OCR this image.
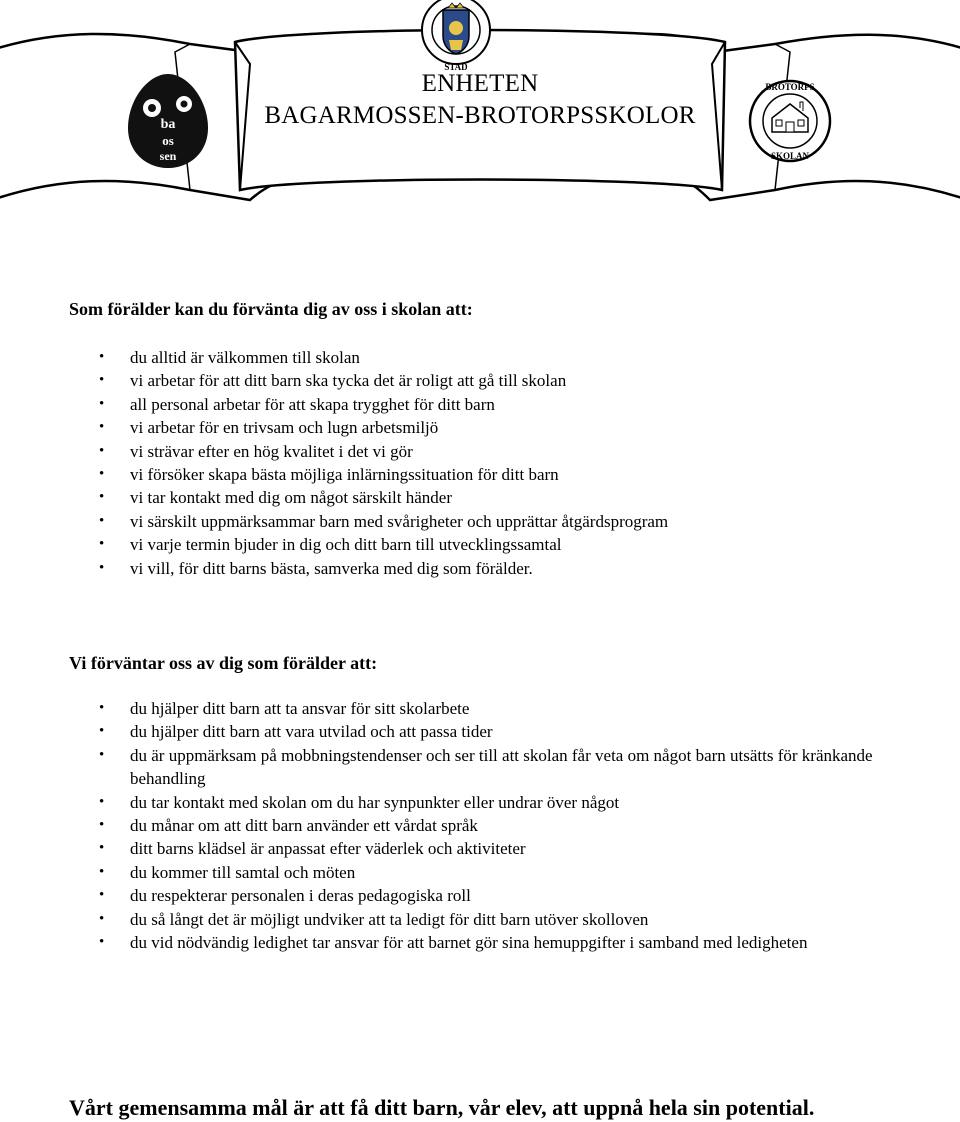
STAD
ba
os
sen
BROTORPS
SKOLAN
ENHETEN
BAGARMOSSEN-BROTORPSSKOLOR
Som förälder kan du förvänta dig av oss i skolan att:
• du alltid är välkommen till skolan
• vi arbetar för att ditt barn ska tycka det är roligt att gå till skolan
• all personal arbetar för att skapa trygghet för ditt barn
• vi arbetar för en trivsam och lugn arbetsmiljö
• vi strävar efter en hög kvalitet i det vi gör
• vi försöker skapa bästa möjliga inlärningssituation för ditt barn
• vi tar kontakt med dig om något särskilt händer
• vi särskilt uppmärksammar barn med svårigheter och upprättar åtgärdsprogram
• vi varje termin bjuder in dig och ditt barn till utvecklingssamtal
• vi vill, för ditt barns bästa, samverka med dig som förälder.
Vi förväntar oss av dig som förälder att:
• du hjälper ditt barn att ta ansvar för sitt skolarbete
• du hjälper ditt barn att vara utvilad och att passa tider
• du är uppmärksam på mobbningstendenser och ser till att skolan får veta om något barn utsätts för kränkande behandling
• du tar kontakt med skolan om du har synpunkter eller undrar över något
• du månar om att ditt barn använder ett vårdat språk
• ditt barns klädsel är anpassat efter väderlek och aktiviteter
• du kommer till samtal och möten
• du respekterar personalen i deras pedagogiska roll
• du så långt det är möjligt undviker att ta ledigt för ditt barn utöver skolloven
• du vid nödvändig ledighet tar ansvar för att barnet gör sina hemuppgifter i samband med ledigheten
Vårt gemensamma mål är att få ditt barn, vår elev, att uppnå hela sin potential.
